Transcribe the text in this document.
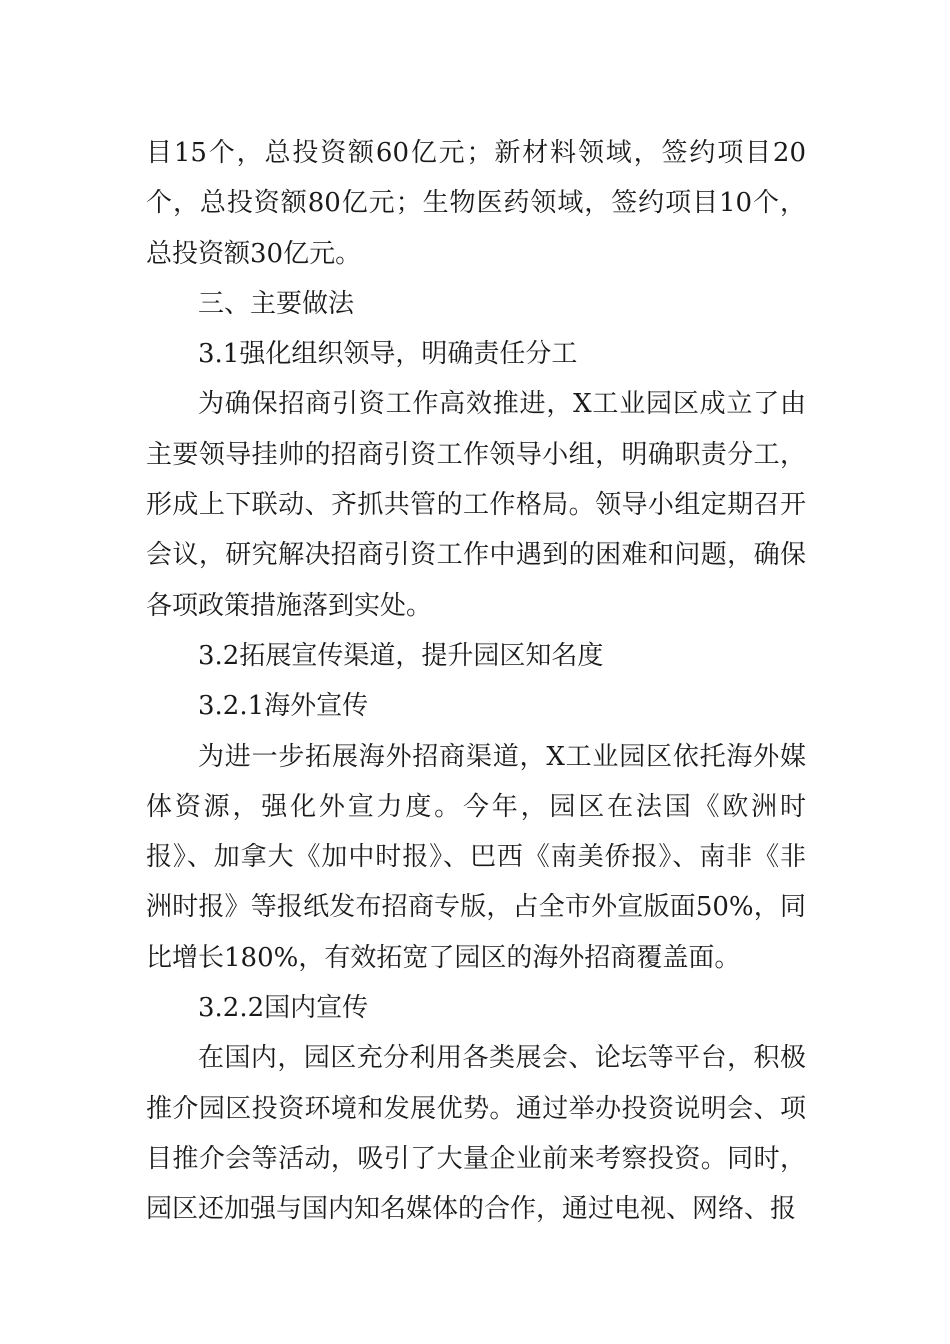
目15个，总投资额60亿元；新材料领域，签约项目20个，总投资额80亿元；生物医药领域，签约项目10个，总投资额30亿元。

三、主要做法

3.1强化组织领导，明确责任分工

为确保招商引资工作高效推进，X工业园区成立了由主要领导挂帅的招商引资工作领导小组，明确职责分工，形成上下联动、齐抓共管的工作格局。领导小组定期召开会议，研究解决招商引资工作中遇到的困难和问题，确保各项政策措施落到实处。

3.2拓展宣传渠道，提升园区知名度

3.2.1海外宣传

为进一步拓展海外招商渠道，X工业园区依托海外媒体资源，强化外宣力度。今年，园区在法国《欧洲时报》、加拿大《加中时报》、巴西《南美侨报》、南非《非洲时报》等报纸发布招商专版，占全市外宣版面50%，同比增长180%，有效拓宽了园区的海外招商覆盖面。

3.2.2国内宣传

在国内，园区充分利用各类展会、论坛等平台，积极推介园区投资环境和发展优势。通过举办投资说明会、项目推介会等活动，吸引了大量企业前来考察投资。同时，园区还加强与国内知名媒体的合作，通过电视、网络、报
